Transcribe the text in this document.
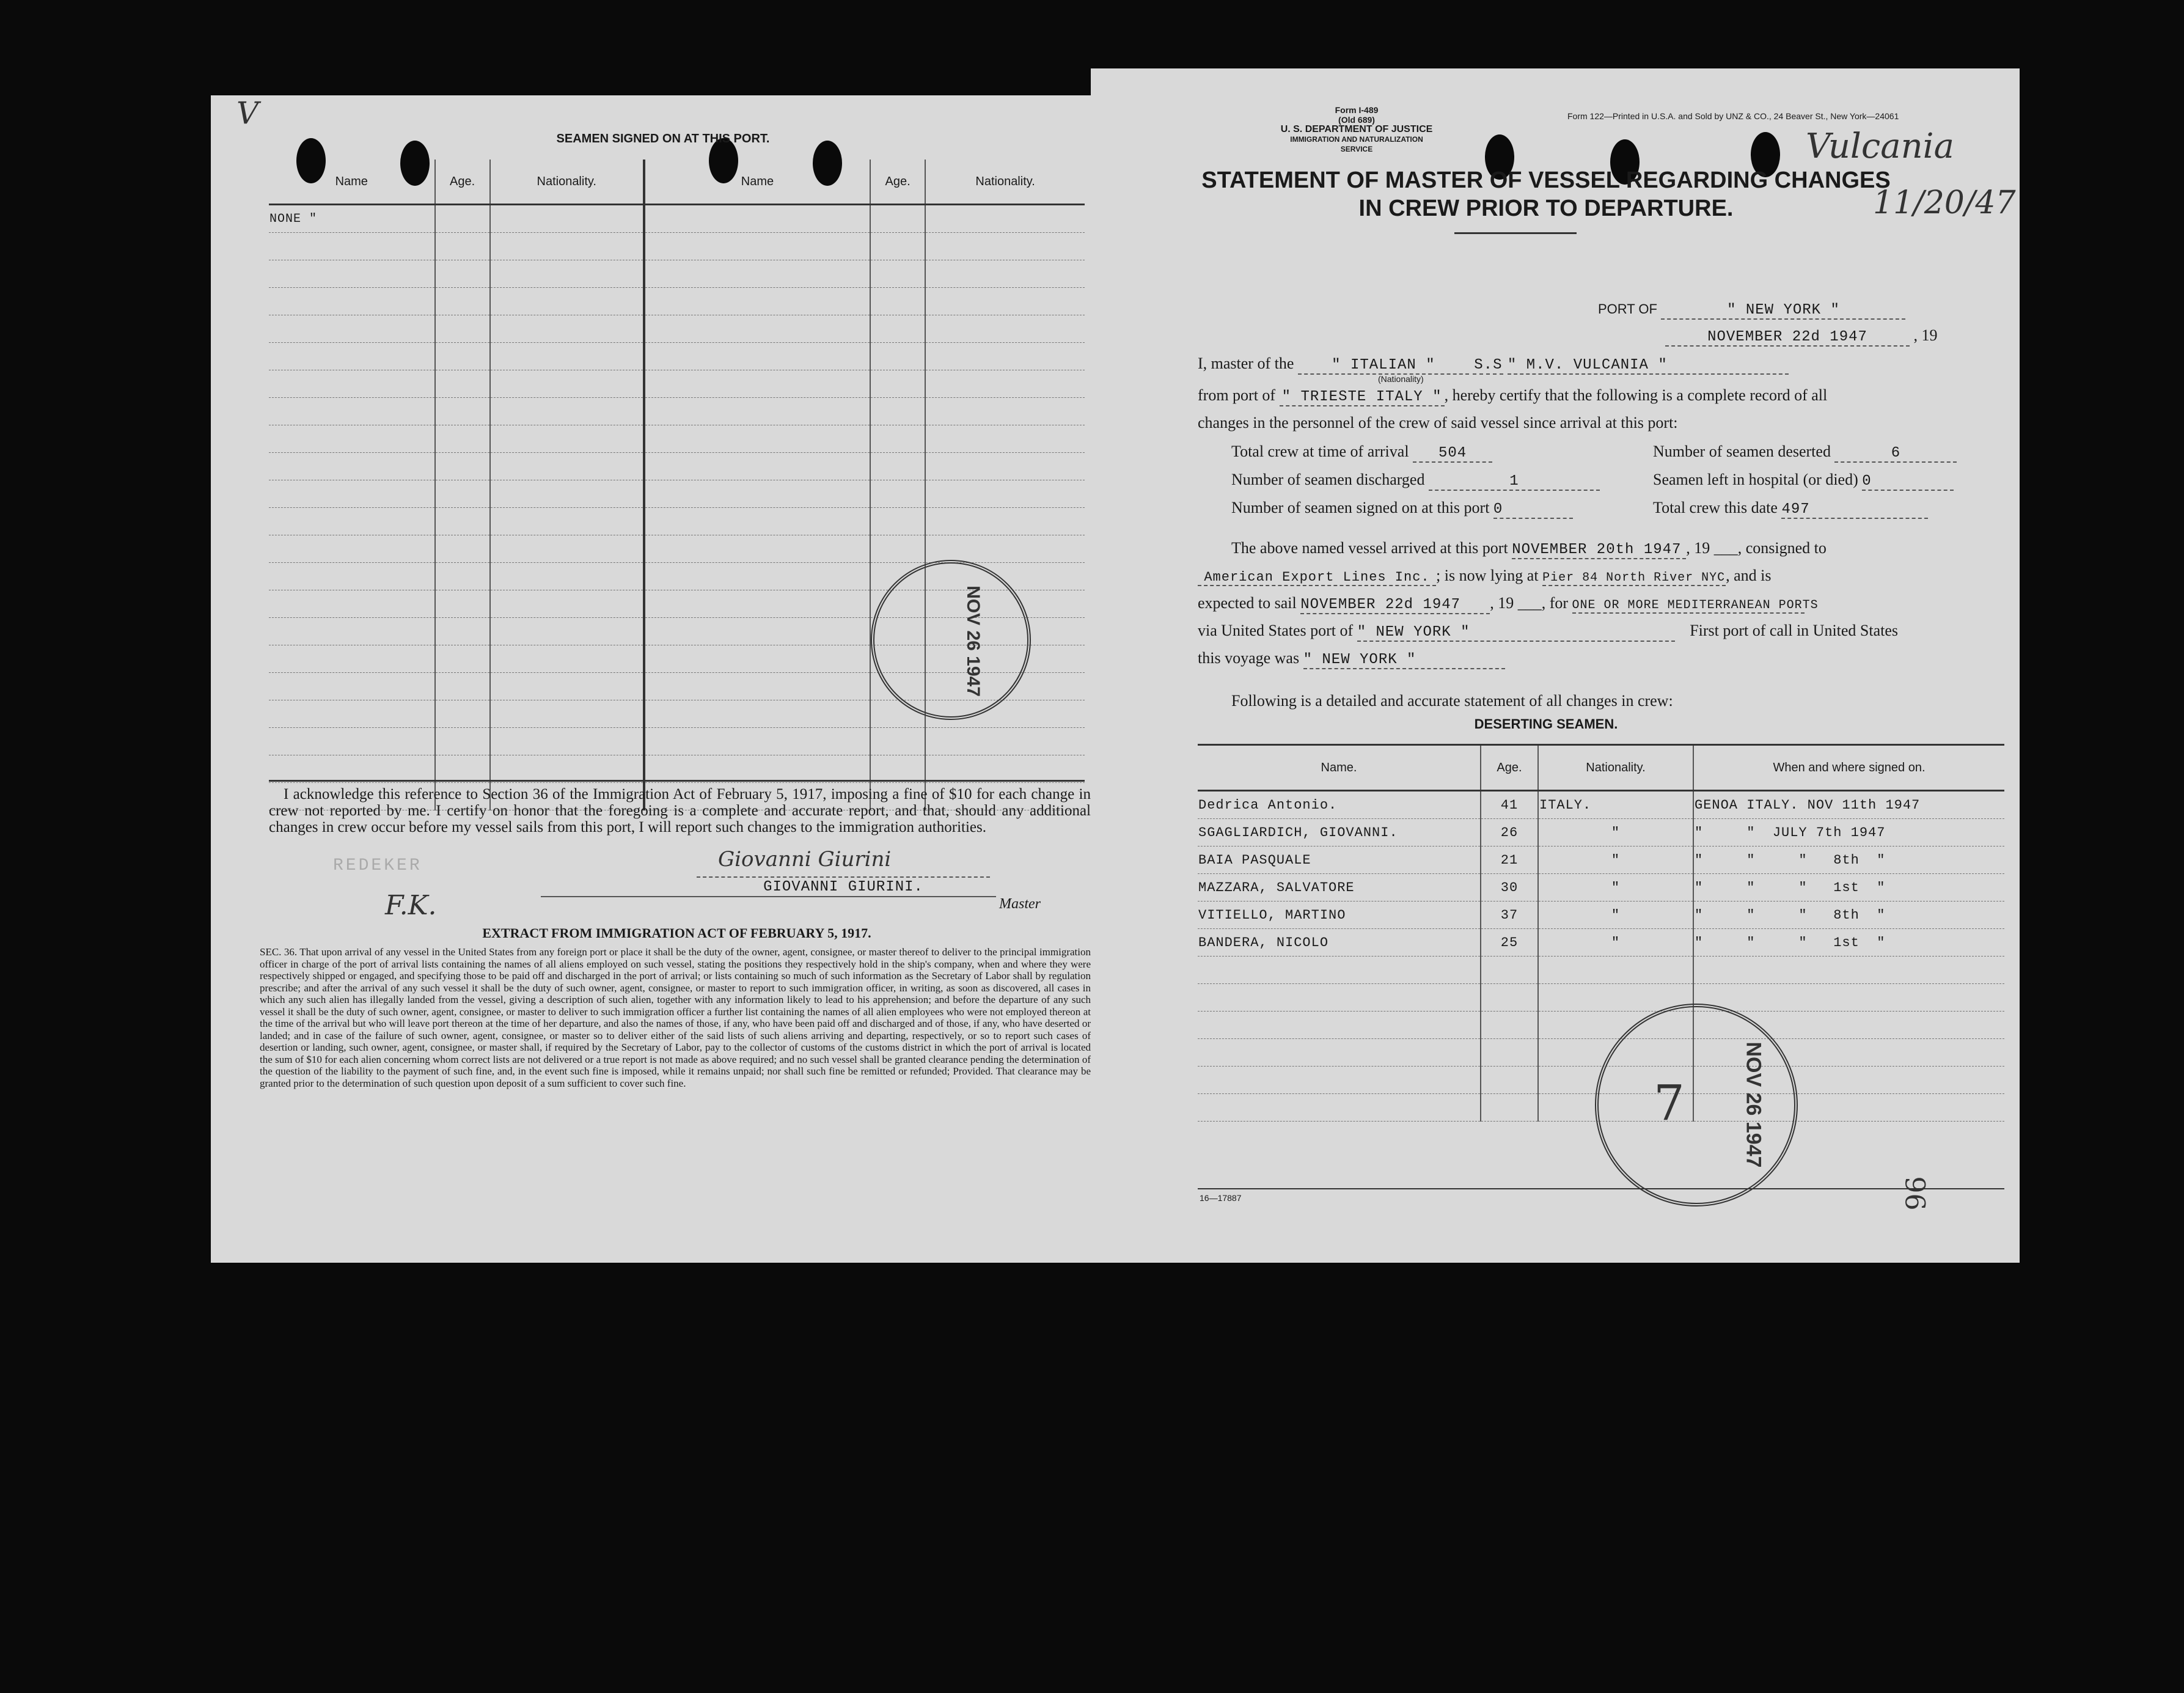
V
SEAMEN SIGNED ON AT THIS PORT.
Name	Age.	Nationality.	Name	Age.	Nationality.
NONE "					

NOV 26 1947
I acknowledge this reference to Section 36 of the Immigration Act of February 5, 1917, imposing a fine of $10 for each change in crew not reported by me. I certify on honor that the foregoing is a complete and accurate report, and that, should any additional changes in crew occur before my vessel sails from this port, I will report such changes to the immigration authorities.
Giovanni Giurini
REDEKER
F.K.
GIOVANNI GIURINI.
Master
EXTRACT FROM IMMIGRATION ACT OF FEBRUARY 5, 1917.
SEC. 36. That upon arrival of any vessel in the United States from any foreign port or place it shall be the duty of the owner, agent, consignee, or master thereof to deliver to the principal immigration officer in charge of the port of arrival lists containing the names of all aliens employed on such vessel, stating the positions they respectively hold in the ship's company, when and where they were respectively shipped or engaged, and specifying those to be paid off and discharged in the port of arrival; or lists containing so much of such information as the Secretary of Labor shall by regulation prescribe; and after the arrival of any such vessel it shall be the duty of such owner, agent, consignee, or master to report to such immigration officer, in writing, as soon as discovered, all cases in which any such alien has illegally landed from the vessel, giving a description of such alien, together with any information likely to lead to his apprehension; and before the departure of any such vessel it shall be the duty of such owner, agent, consignee, or master to deliver to such immigration officer a further list containing the names of all alien employees who were not employed thereon at the time of the arrival but who will leave port thereon at the time of her departure, and also the names of those, if any, who have been paid off and discharged and of those, if any, who have deserted or landed; and in case of the failure of such owner, agent, consignee, or master so to deliver either of the said lists of such aliens arriving and departing, respectively, or so to report such cases of desertion or landing, such owner, agent, consignee, or master shall, if required by the Secretary of Labor, pay to the collector of customs of the customs district in which the port of arrival is located the sum of $10 for each alien concerning whom correct lists are not delivered or a true report is not made as above required; and no such vessel shall be granted clearance pending the determination of the question of the liability to the payment of such fine, and, in the event such fine is imposed, while it remains unpaid; nor shall such fine be remitted or refunded; Provided. That clearance may be granted prior to the determination of such question upon deposit of a sum sufficient to cover such fine.
Form I-489
(Old 689)
U. S. DEPARTMENT OF JUSTICE
IMMIGRATION AND NATURALIZATION SERVICE
Form 122—Printed in U.S.A. and Sold by UNZ & CO., 24 Beaver St., New York—24061
Vulcania
11/20/47
STATEMENT OF MASTER OF VESSEL REGARDING CHANGES
IN CREW PRIOR TO DEPARTURE.
PORT OF	" NEW YORK "
NOVEMBER 22d 1947	, 19
I, master of the	" ITALIAN "	S.S " M.V. VULCANIA "
(Nationality)
from port of " TRIESTE ITALY " , hereby certify that the following is a complete record of all
changes in the personnel of the crew of said vessel since arrival at this port:
Total crew at time of arrival 504	Number of seamen deserted	6
Number of seamen discharged	1	Seamen left in hospital (or died) 0
Number of seamen signed on at this port 0	Total crew this date 497
The above named vessel arrived at this port NOVEMBER 20th 1947 , 19 ___, consigned to
American Export Lines Inc. ; is now lying at Pier 84 North River NYC, and is
expected to sail NOVEMBER 22d 1947 , 19 ___, for ONE OR MORE MEDITERRANEAN PORTS
via United States port of " NEW YORK "	First port of call in United States
this voyage was " NEW YORK "
Following is a detailed and accurate statement of all changes in crew:
DESERTING SEAMEN.
Name.	Age.	Nationality.	When and where signed on.
Dedrica Antonio.	41	ITALY.	GENOA ITALY. NOV 11th 1947
SGAGLIARDICH, GIOVANNI.	26	"	"     "  JULY 7th 1947
BAIA PASQUALE	21	"	"     "     "   8th  "
MAZZARA, SALVATORE	30	"	"     "     "   1st  "
VITIELLO, MARTINO	37	"	"     "     "   8th  "
BANDERA, NICOLO	25	"	"     "     "   1st  "

7	NOV 26 1947
16—17887	96
